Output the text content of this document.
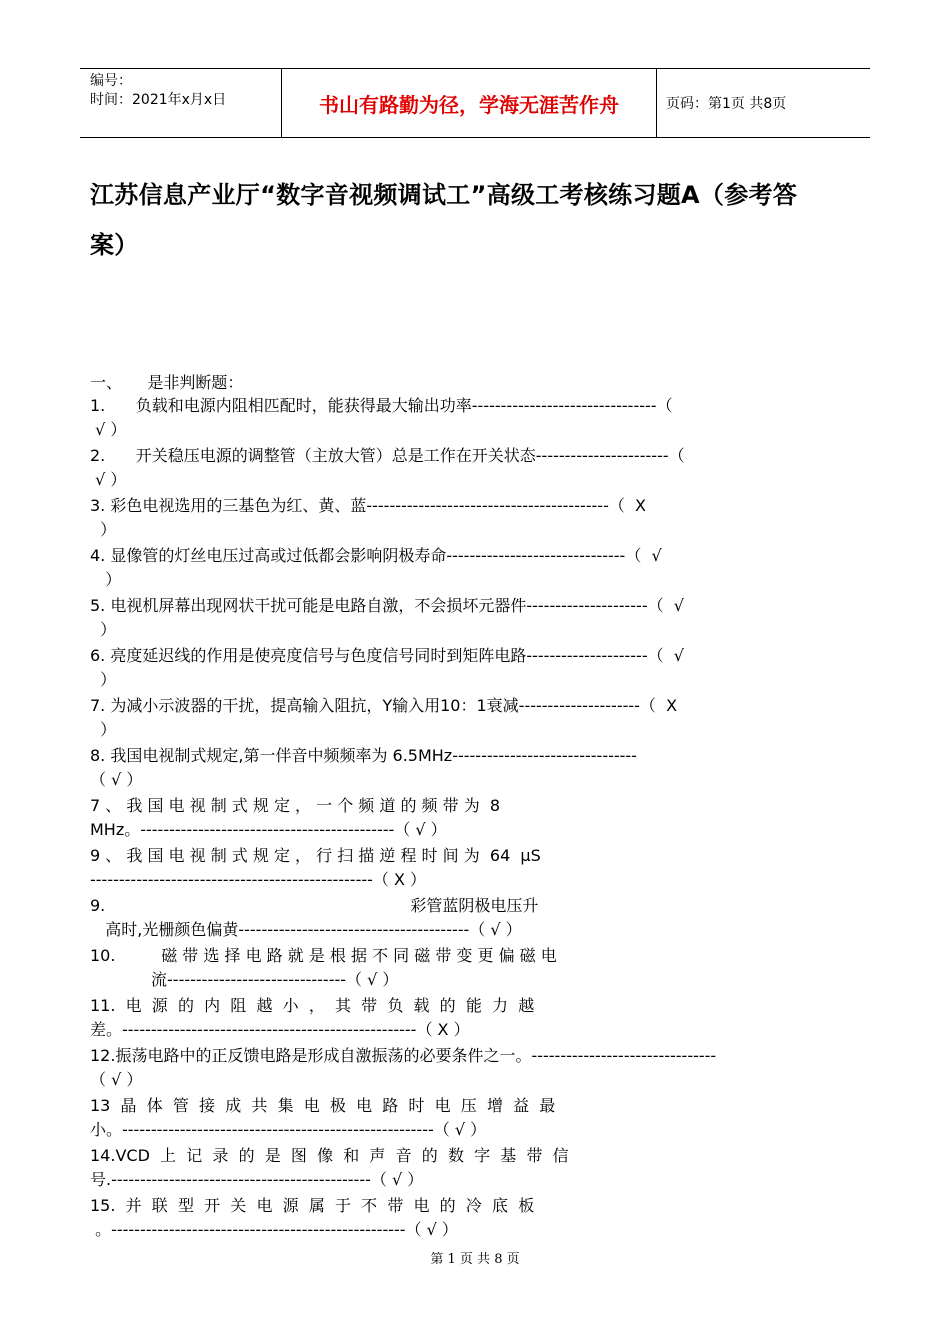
编号：
时间：2021年x月x日	书山有路勤为径，学海无涯苦作舟	页码：第1页 共8页
江苏信息产业厅“数字音视频调试工”高级工考核练习题A（参考答
案）
一、     是非判断题：
1.      负载和电源内阻相匹配时，能获得最大输出功率--------------------------------（
√ ）
2.      开关稳压电源的调整管（主放大管）总是工作在开关状态-----------------------（
√ ）
3. 彩色电视选用的三基色为红、黄、蓝------------------------------------------（  X
）
4. 显像管的灯丝电压过高或过低都会影响阴极寿命-------------------------------（  √
）
5. 电视机屏幕出现网状干扰可能是电路自激，不会损坏元器件---------------------（  √
）
6. 亮度延迟线的作用是使亮度信号与色度信号同时到矩阵电路---------------------（  √
）
7. 为减小示波器的干扰，提高输入阻抗，Y输入用10：1衰减---------------------（  X
）
8. 我国电视制式规定,第一伴音中频频率为 6.5MHz--------------------------------
（ √ ）
7 、 我 国 电 视 制 式 规 定 ， 一 个 频 道 的 频 带 为  8
MHz。--------------------------------------------（ √ ）
9 、 我 国 电 视 制 式 规 定 ， 行 扫 描 逆 程 时 间 为  64  μS
-------------------------------------------------（ X ）
9.                                                            彩管蓝阴极电压升
高时,光栅颜色偏黄----------------------------------------（ √ ）
10.         磁 带 选 择 电 路 就 是 根 据 不 同 磁 带 变 更 偏 磁 电
流-------------------------------（ √ ）
11.  电  源  的  内  阻  越  小  ，  其  带  负  载  的  能  力  越
差。---------------------------------------------------（ X ）
12.振荡电路中的正反馈电路是形成自激振荡的必要条件之一。--------------------------------
（ √ ）
13  晶  体  管  接  成  共  集  电  极  电  路  时  电  压  增  益  最
小。------------------------------------------------------（ √ ）
14.VCD  上  记  录  的  是  图  像  和  声  音  的  数  字  基  带  信
号.---------------------------------------------（ √ ）
15.  并  联  型  开  关  电  源  属  于  不  带  电  的  冷  底  板
。---------------------------------------------------（ √ ）
第 1 页 共 8 页
